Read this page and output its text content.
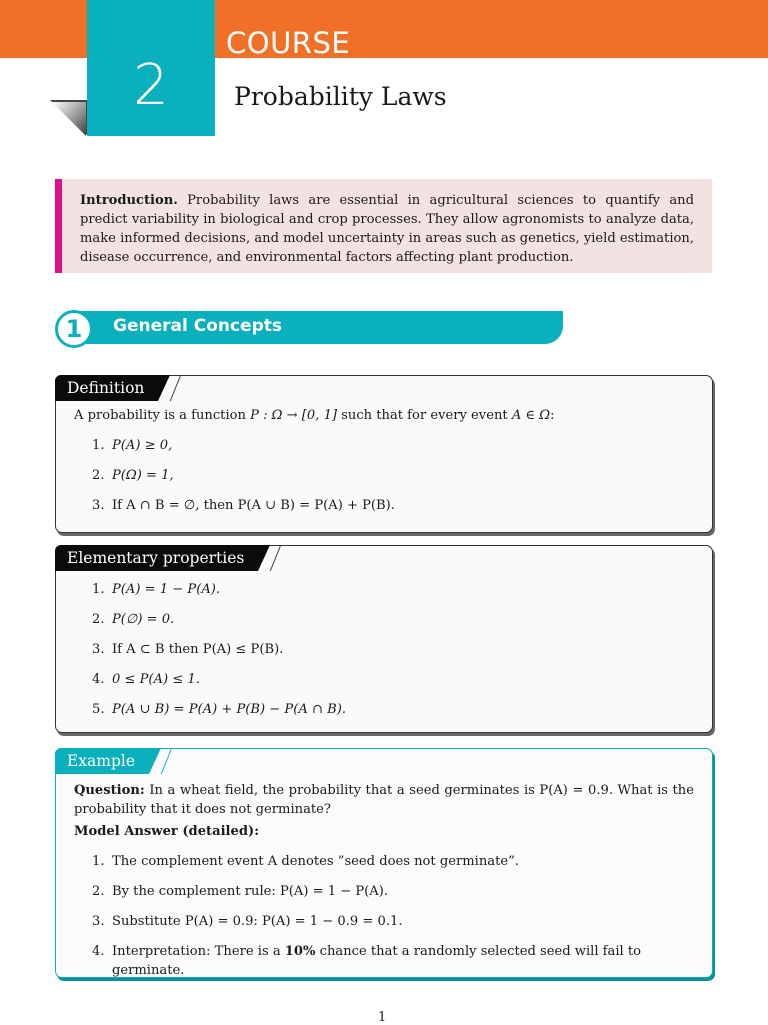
2
COURSE
Probability Laws
Introduction. Probability laws are essential in agricultural sciences to quantify and predict variability in biological and crop processes. They allow agronomists to analyze data, make informed decisions, and model uncertainty in areas such as genetics, yield estimation, disease occurrence, and environmental factors affecting plant production.
1	General Concepts
Definition
A probability is a function P : Ω → [0, 1] such that for every event A ∈ Ω:
1. P(A) ≥ 0,
2. P(Ω) = 1,
3. If A ∩ B = ∅, then P(A ∪ B) = P(A) + P(B).
Elementary properties
1. P(A) = 1 − P(A).
2. P(∅) = 0.
3. If A ⊂ B then P(A) ≤ P(B).
4. 0 ≤ P(A) ≤ 1.
5. P(A ∪ B) = P(A) + P(B) − P(A ∩ B).
Example
Question: In a wheat field, the probability that a seed germinates is P(A) = 0.9. What is the probability that it does not germinate?
Model Answer (detailed):
1. The complement event A denotes ”seed does not germinate”.
2. By the complement rule: P(A) = 1 − P(A).
3. Substitute P(A) = 0.9: P(A) = 1 − 0.9 = 0.1.
4. Interpretation: There is a 10% chance that a randomly selected seed will fail to germinate.
1
